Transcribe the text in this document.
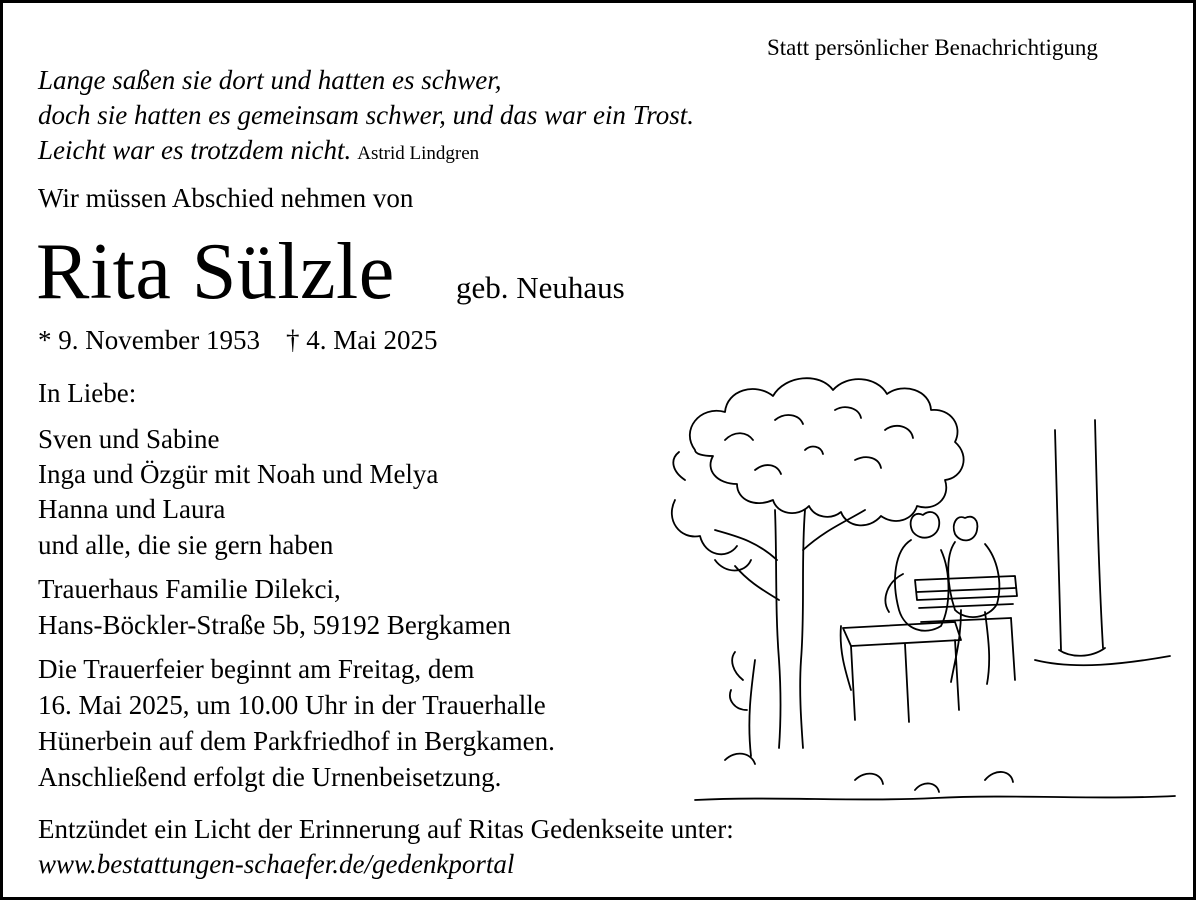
Statt persönlicher Benachrichtigung
Lange saßen sie dort und hatten es schwer,
doch sie hatten es gemeinsam schwer, und das war ein Trost.
Leicht war es trotzdem nicht. Astrid Lindgren
Wir müssen Abschied nehmen von
Rita Sülzle geb. Neuhaus
* 9. November 1953 † 4. Mai 2025
In Liebe:
Sven und Sabine
Inga und Özgür mit Noah und Melya
Hanna und Laura
und alle, die sie gern haben
Trauerhaus Familie Dilekci,
Hans-Böckler-Straße 5b, 59192 Bergkamen
Die Trauerfeier beginnt am Freitag, dem
16. Mai 2025, um 10.00 Uhr in der Trauerhalle
Hünerbein auf dem Parkfriedhof in Bergkamen.
Anschließend erfolgt die Urnenbeisetzung.
Entzündet ein Licht der Erinnerung auf Ritas Gedenkseite unter:
www.bestattungen-schaefer.de/gedenkportal
